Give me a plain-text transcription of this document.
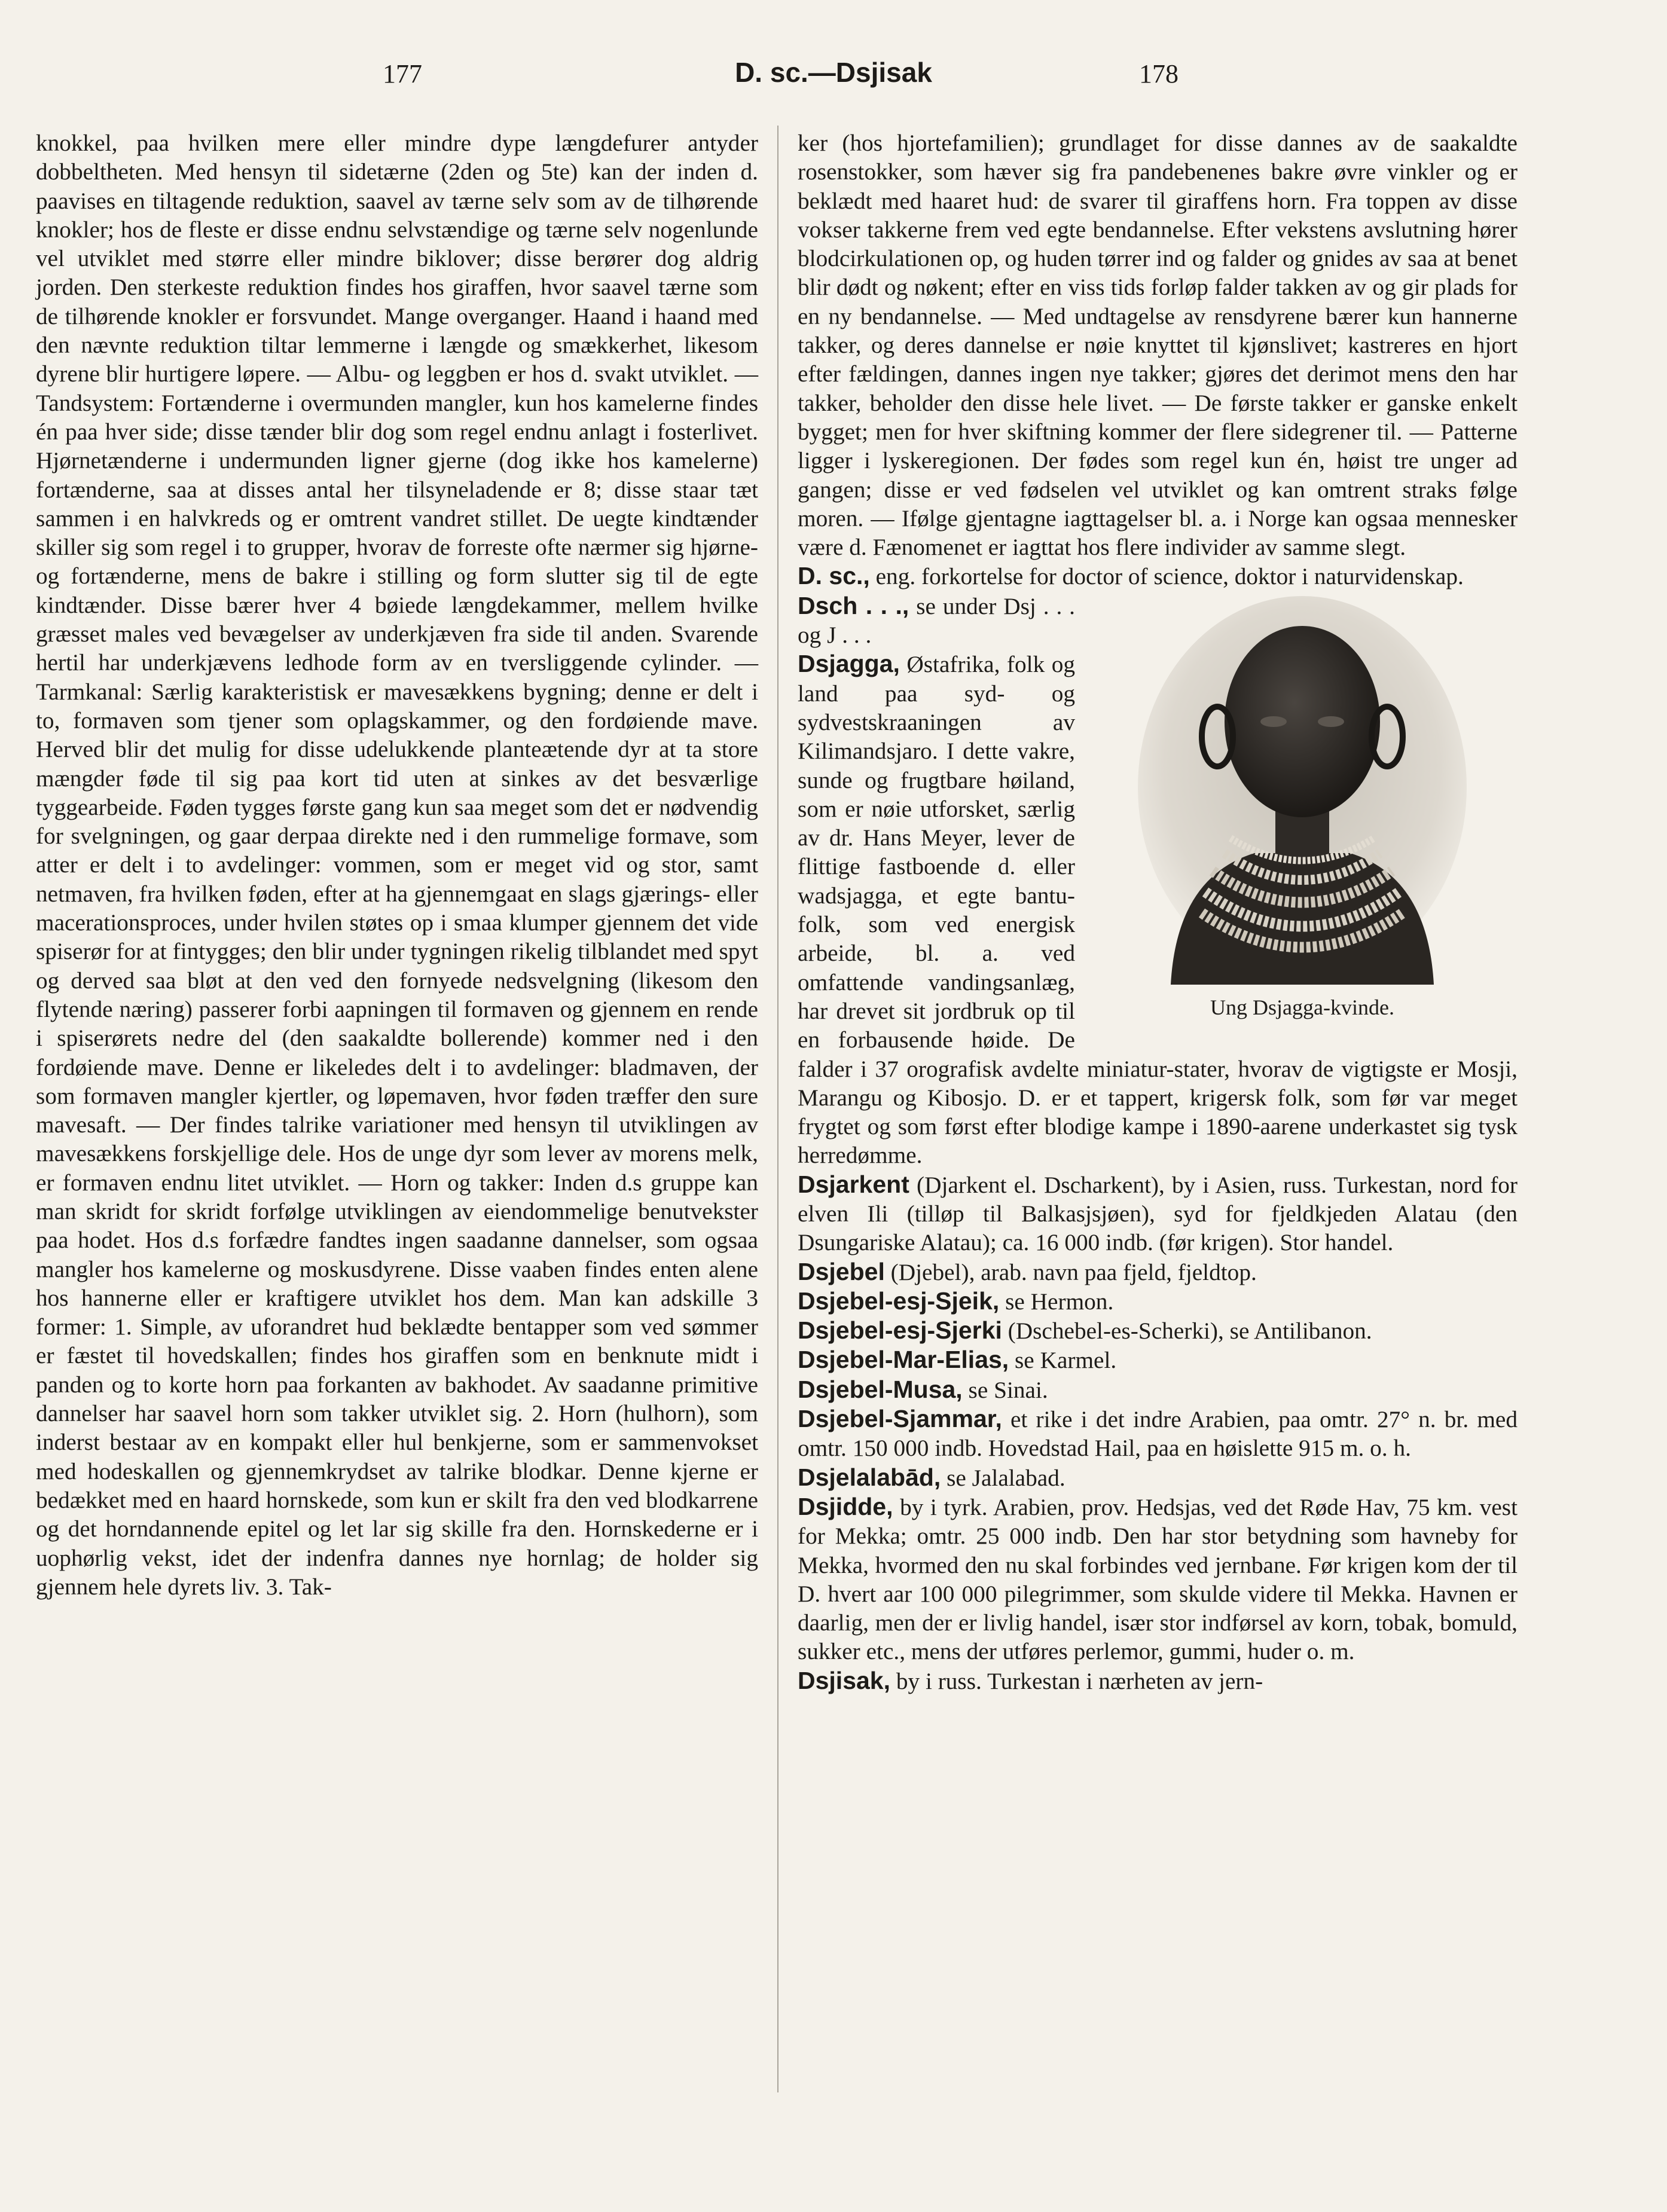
177	D. sc.—Dsjisak	178

knokkel, paa hvilken mere eller mindre dype længdefurer antyder dobbeltheten. Med hensyn til sidetærne (2den og 5te) kan der inden d. paavises en tiltagende reduktion, saavel av tærne selv som av de tilhørende knokler; hos de fleste er disse endnu selvstændige og tærne selv nogenlunde vel utviklet med større eller mindre biklover; disse berører dog aldrig jorden. Den sterkeste reduktion findes hos giraffen, hvor saavel tærne som de tilhørende knokler er forsvundet. Mange overganger. Haand i haand med den nævnte reduktion tiltar lemmerne i længde og smækkerhet, likesom dyrene blir hurtigere løpere. — Albu- og leggben er hos d. svakt utviklet. — Tandsystem: Fortænderne i overmunden mangler, kun hos kamelerne findes én paa hver side; disse tænder blir dog som regel endnu anlagt i fosterlivet. Hjørnetænderne i undermunden ligner gjerne (dog ikke hos kamelerne) fortænderne, saa at disses antal her tilsyneladende er 8; disse staar tæt sammen i en halvkreds og er omtrent vandret stillet. De uegte kindtænder skiller sig som regel i to grupper, hvorav de forreste ofte nærmer sig hjørne- og fortænderne, mens de bakre i stilling og form slutter sig til de egte kindtænder. Disse bærer hver 4 bøiede længdekammer, mellem hvilke græsset males ved bevægelser av underkjæven fra side til anden. Svarende hertil har underkjævens ledhode form av en tversliggende cylinder. — Tarmkanal: Særlig karakteristisk er mavesækkens bygning; denne er delt i to, formaven som tjener som oplagskammer, og den fordøiende mave. Herved blir det mulig for disse udelukkende planteætende dyr at ta store mængder føde til sig paa kort tid uten at sinkes av det besværlige tyggearbeide. Føden tygges første gang kun saa meget som det er nødvendig for svelgningen, og gaar derpaa direkte ned i den rummelige formave, som atter er delt i to avdelinger: vommen, som er meget vid og stor, samt netmaven, fra hvilken føden, efter at ha gjennemgaat en slags gjærings- eller macerationsproces, under hvilen støtes op i smaa klumper gjennem det vide spiserør for at fintygges; den blir under tygningen rikelig tilblandet med spyt og derved saa bløt at den ved den fornyede nedsvelgning (likesom den flytende næring) passerer forbi aapningen til formaven og gjennem en rende i spiserørets nedre del (den saakaldte bollerende) kommer ned i den fordøiende mave. Denne er likeledes delt i to avdelinger: bladmaven, der som formaven mangler kjertler, og løpemaven, hvor føden træffer den sure mavesaft. — Der findes talrike variationer med hensyn til utviklingen av mavesækkens forskjellige dele. Hos de unge dyr som lever av morens melk, er formaven endnu litet utviklet. — Horn og takker: Inden d.s gruppe kan man skridt for skridt forfølge utviklingen av eiendommelige benutvekster paa hodet. Hos d.s forfædre fandtes ingen saadanne dannelser, som ogsaa mangler hos kamelerne og moskusdyrene. Disse vaaben findes enten alene hos hannerne eller er kraftigere utviklet hos dem. Man kan adskille 3 former: 1. Simple, av uforandret hud beklædte bentapper som ved sømmer er fæstet til hovedskallen; findes hos giraffen som en benknute midt i panden og to korte horn paa forkanten av bakhodet. Av saadanne primitive dannelser har saavel horn som takker utviklet sig. 2. Horn (hulhorn), som inderst bestaar av en kompakt eller hul benkjerne, som er sammenvokset med hodeskallen og gjennemkrydset av talrike blodkar. Denne kjerne er bedækket med en haard hornskede, som kun er skilt fra den ved blodkarrene og det horndannende epitel og let lar sig skille fra den. Hornskederne er i uophørlig vekst, idet der indenfra dannes nye hornlag; de holder sig gjennem hele dyrets liv. 3. Tak-

ker (hos hjortefamilien); grundlaget for disse dannes av de saakaldte rosenstokker, som hæver sig fra pandebenenes bakre øvre vinkler og er beklædt med haaret hud: de svarer til giraffens horn. Fra toppen av disse vokser takkerne frem ved egte bendannelse. Efter vekstens avslutning hører blodcirkulationen op, og huden tørrer ind og falder og gnides av saa at benet blir dødt og nøkent; efter en viss tids forløp falder takken av og gir plads for en ny bendannelse. — Med undtagelse av rensdyrene bærer kun hannerne takker, og deres dannelse er nøie knyttet til kjønslivet; kastreres en hjort efter fældingen, dannes ingen nye takker; gjøres det derimot mens den har takker, beholder den disse hele livet. — De første takker er ganske enkelt bygget; men for hver skiftning kommer der flere sidegrener til. — Patterne ligger i lyskeregionen. Der fødes som regel kun én, høist tre unger ad gangen; disse er ved fødselen vel utviklet og kan omtrent straks følge moren. — Ifølge gjentagne iagttagelser bl. a. i Norge kan ogsaa mennesker være d. Fænomenet er iagttat hos flere individer av samme slegt.

D. sc., eng. forkortelse for doctor of science, doktor i naturvidenskap.

Ung Dsjagga-kvinde.

Dsch . . ., se under Dsj . . . og J . . .

Dsjagga, Østafrika, folk og land paa syd- og sydvestskraaningen av Kilimandsjaro. I dette vakre, sunde og frugtbare høiland, som er nøie utforsket, særlig av dr. Hans Meyer, lever de flittige fastboende d. eller wadsjagga, et egte bantu-folk, som ved energisk arbeide, bl. a. ved omfattende vandingsanlæg, har drevet sit jordbruk op til en forbausende høide. De falder i 37 orografisk avdelte miniatur-stater, hvorav de vigtigste er Mosji, Marangu og Kibosjo. D. er et tappert, krigersk folk, som før var meget frygtet og som først efter blodige kampe i 1890-aarene underkastet sig tysk herredømme.

Dsjarkent (Djarkent el. Dscharkent), by i Asien, russ. Turkestan, nord for elven Ili (tilløp til Balkasjsjøen), syd for fjeldkjeden Alatau (den Dsungariske Alatau); ca. 16 000 indb. (før krigen). Stor handel.

Dsjebel (Djebel), arab. navn paa fjeld, fjeldtop.

Dsjebel-esj-Sjeik, se Hermon.

Dsjebel-esj-Sjerki (Dschebel-es-Scherki), se Antilibanon.

Dsjebel-Mar-Elias, se Karmel.

Dsjebel-Musa, se Sinai.

Dsjebel-Sjammar, et rike i det indre Arabien, paa omtr. 27° n. br. med omtr. 150 000 indb. Hovedstad Hail, paa en høislette 915 m. o. h.

Dsjelalabād, se Jalalabad.

Dsjidde, by i tyrk. Arabien, prov. Hedsjas, ved det Røde Hav, 75 km. vest for Mekka; omtr. 25 000 indb. Den har stor betydning som havneby for Mekka, hvormed den nu skal forbindes ved jernbane. Før krigen kom der til D. hvert aar 100 000 pilegrimmer, som skulde videre til Mekka. Havnen er daarlig, men der er livlig handel, især stor indførsel av korn, tobak, bomuld, sukker etc., mens der utføres perlemor, gummi, huder o. m.

Dsjisak, by i russ. Turkestan i nærheten av jern-
